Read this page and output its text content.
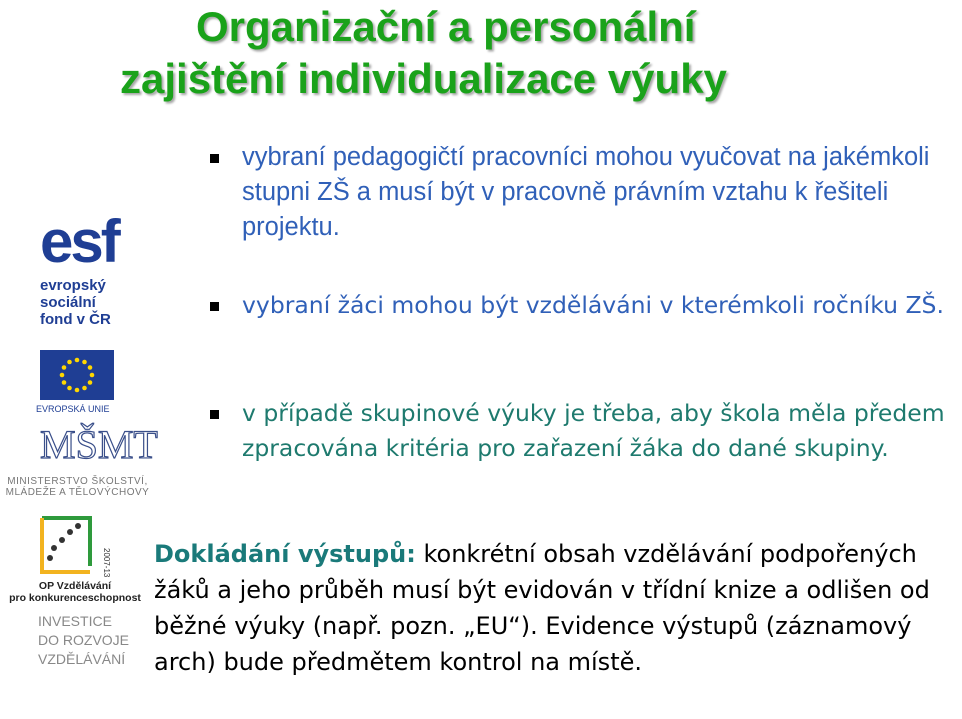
Organizační a personální
zajištění individualizace výuky
esf
evropský
sociální
fond v ČR
EVROPSKÁ UNIE
MŠMT
MINISTERSTVO ŠKOLSTVÍ,
MLÁDEŽE A TĚLOVÝCHOVY
2007-13
OP Vzdělávání
pro konkurenceschopnost
INVESTICE
DO ROZVOJE
VZDĚLÁVÁNÍ
vybraní pedagogičtí pracovníci mohou vyučovat na jakémkoli stupni ZŠ a musí být v pracovně právním vztahu k řešiteli projektu.
vybraní žáci mohou být vzděláváni v kterémkoli ročníku ZŠ.
v případě skupinové výuky je třeba, aby škola měla předem zpracována kritéria pro zařazení žáka do dané skupiny.
Dokládání výstupů: konkrétní obsah vzdělávání podpořených žáků a jeho průběh musí být evidován v třídní knize a odlišen od běžné výuky (např. pozn. „EU“). Evidence výstupů (záznamový arch) bude předmětem kontrol na místě.
